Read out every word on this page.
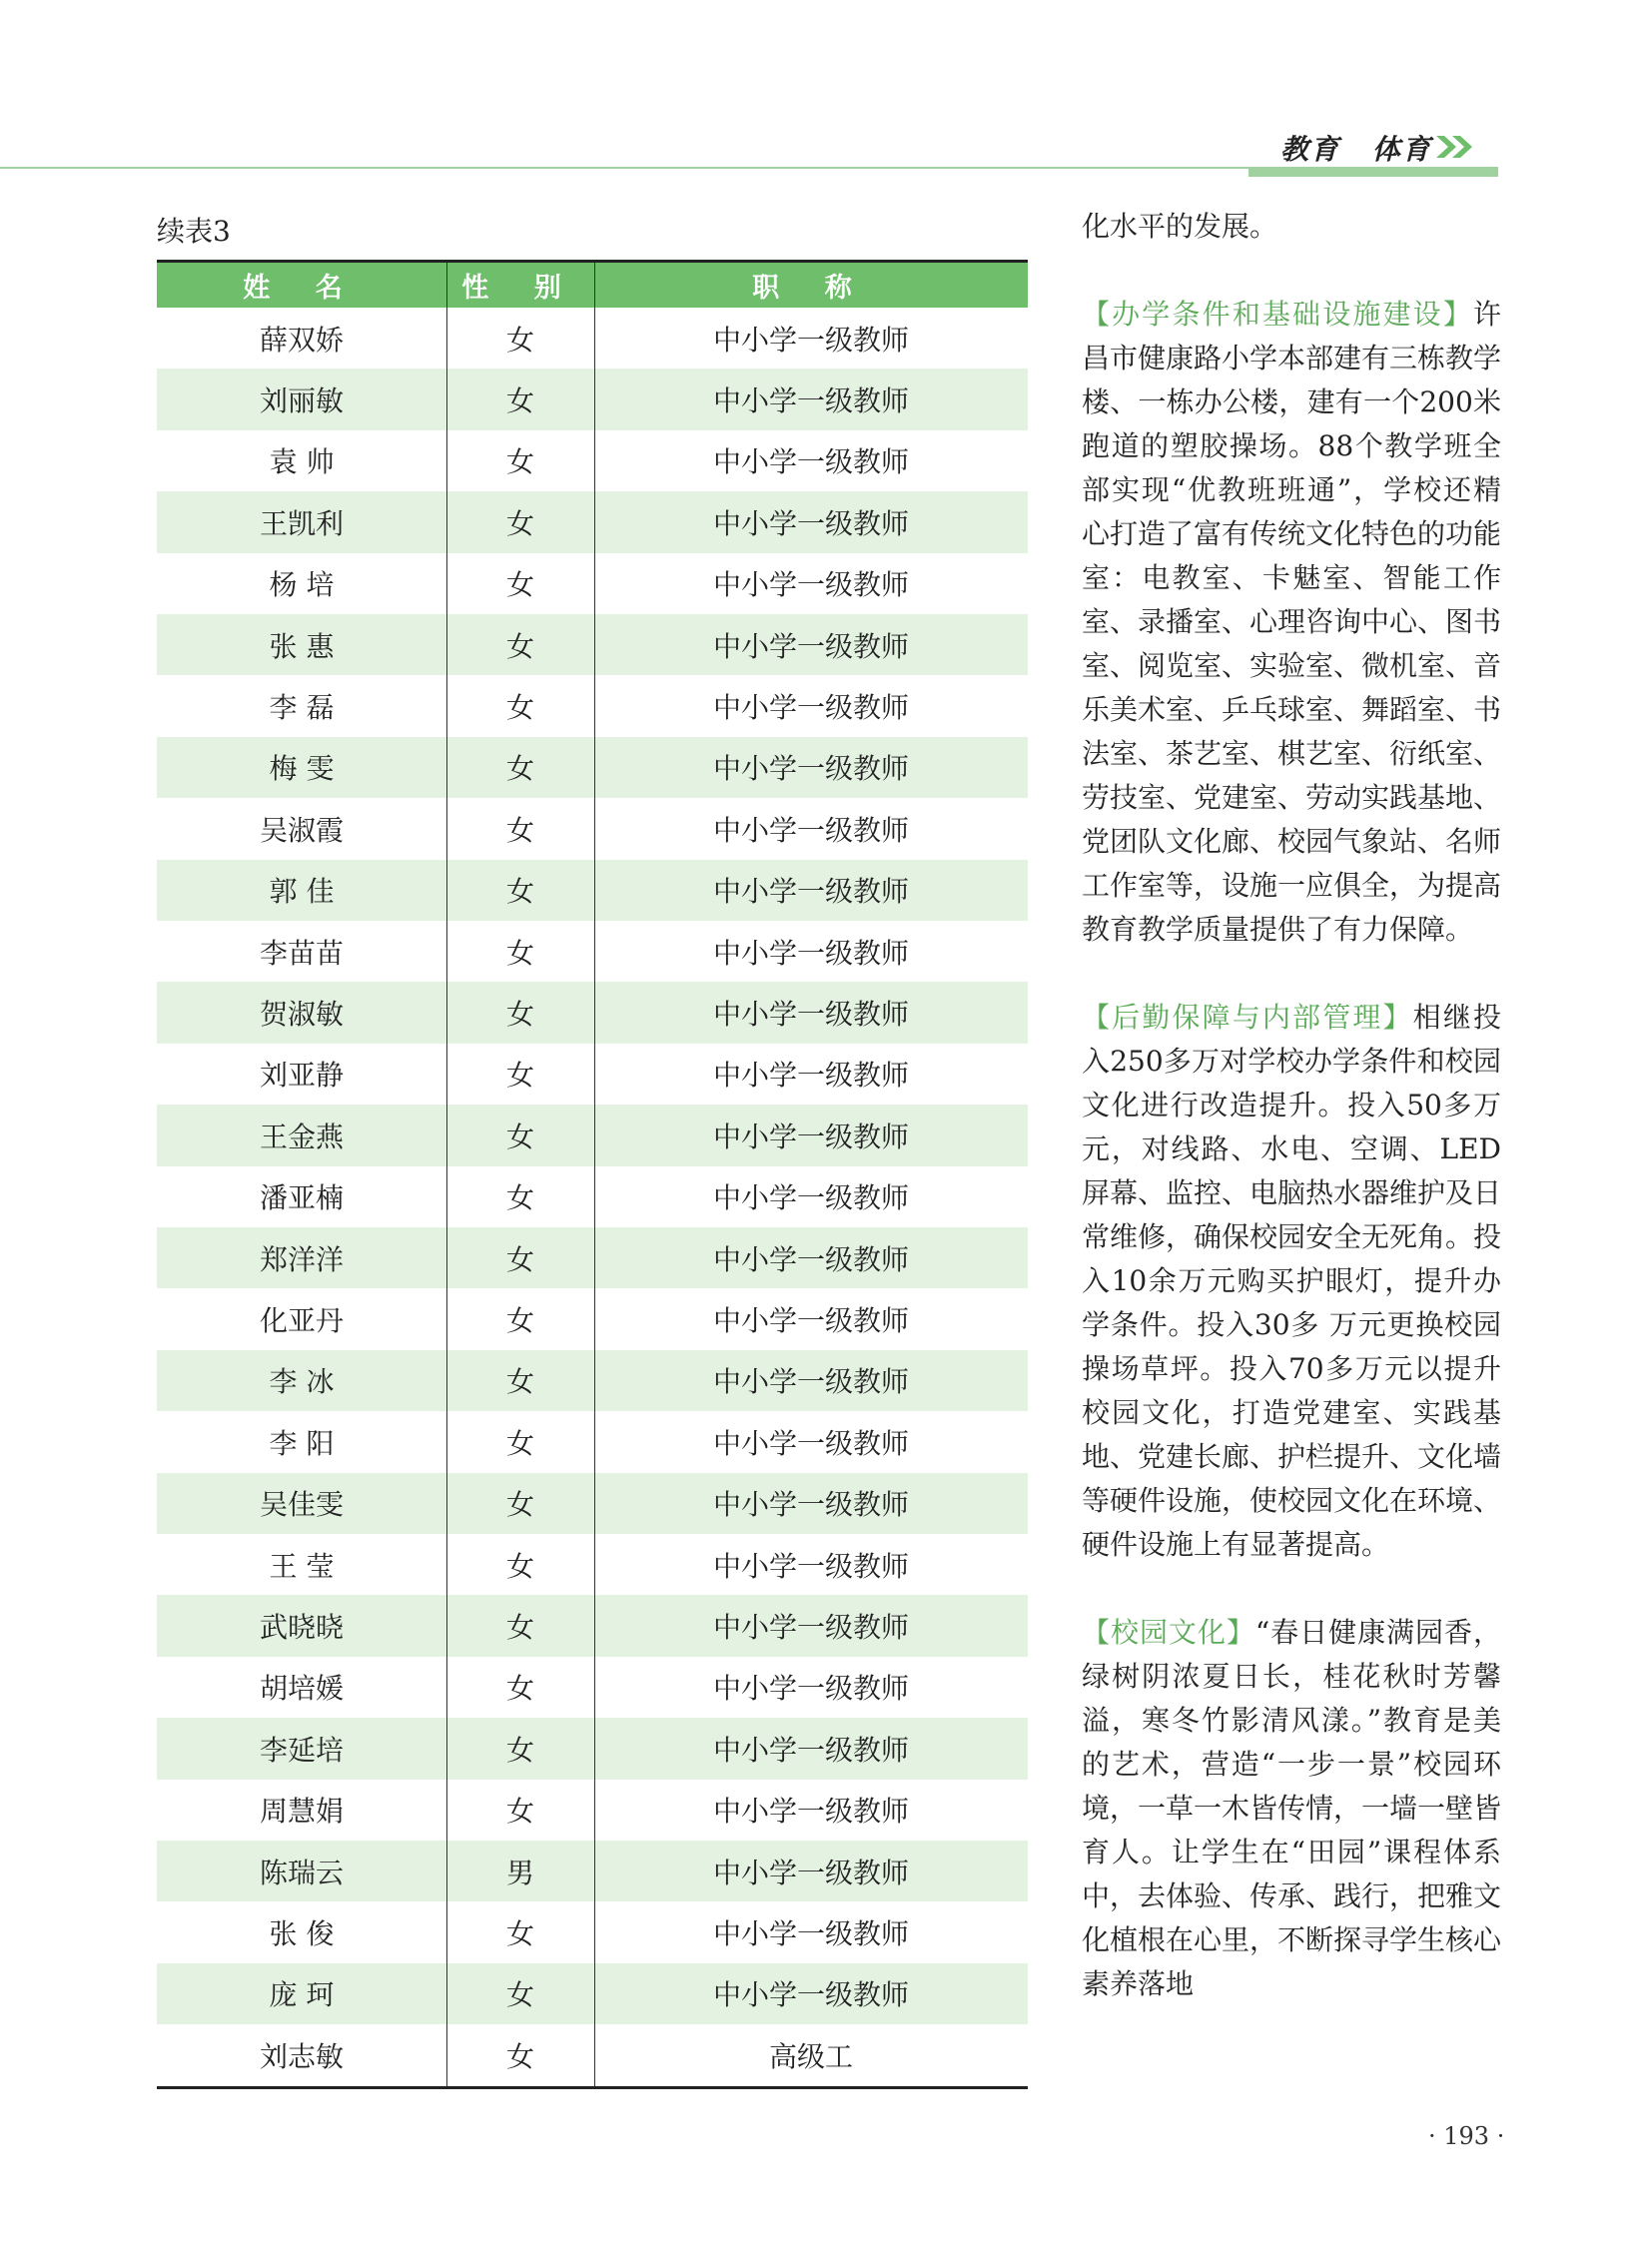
教育 体育
续表3
姓 名	性 别	职 称
薛双娇	女	中小学一级教师
刘丽敏	女	中小学一级教师
袁 帅	女	中小学一级教师
王凯利	女	中小学一级教师
杨 培	女	中小学一级教师
张 惠	女	中小学一级教师
李 磊	女	中小学一级教师
梅 雯	女	中小学一级教师
吴淑霞	女	中小学一级教师
郭 佳	女	中小学一级教师
李苗苗	女	中小学一级教师
贺淑敏	女	中小学一级教师
刘亚静	女	中小学一级教师
王金燕	女	中小学一级教师
潘亚楠	女	中小学一级教师
郑洋洋	女	中小学一级教师
化亚丹	女	中小学一级教师
李 冰	女	中小学一级教师
李 阳	女	中小学一级教师
吴佳雯	女	中小学一级教师
王 莹	女	中小学一级教师
武晓晓	女	中小学一级教师
胡培媛	女	中小学一级教师
李延培	女	中小学一级教师
周慧娟	女	中小学一级教师
陈瑞云	男	中小学一级教师
张 俊	女	中小学一级教师
庞 珂	女	中小学一级教师
刘志敏	女	高级工

化水平的发展。

【办学条件和基础设施建设】许昌市健康路小学本部建有三栋教学楼、一栋办公楼，建有一个200米跑道的塑胶操场。88个教学班全部实现“优教班班通”，学校还精心打造了富有传统文化特色的功能室：电教室、卡魅室、智能工作室、录播室、心理咨询中心、图书室、阅览室、实验室、微机室、音乐美术室、乒乓球室、舞蹈室、书法室、茶艺室、棋艺室、衍纸室、劳技室、党建室、劳动实践基地、党团队文化廊、校园气象站、名师工作室等，设施一应俱全，为提高教育教学质量提供了有力保障。

【后勤保障与内部管理】相继投入250多万对学校办学条件和校园文化进行改造提升。投入50多万元，对线路、水电、空调、LED屏幕、监控、电脑热水器维护及日常维修，确保校园安全无死角。投入10余万元购买护眼灯，提升办学条件。投入30多 万元更换校园操场草坪。投入70多万元以提升校园文化，打造党建室、实践基地、党建长廊、护栏提升、文化墙等硬件设施，使校园文化在环境、硬件设施上有显著提高。

【校园文化】“春日健康满园香，绿树阴浓夏日长，桂花秋时芳馨溢，寒冬竹影清风漾。”教育是美的艺术，营造“一步一景”校园环境，一草一木皆传情，一墙一壁皆育人。让学生在“田园”课程体系中，去体验、传承、践行，把雅文化植根在心里，不断探寻学生核心素养落地

· 193 ·
